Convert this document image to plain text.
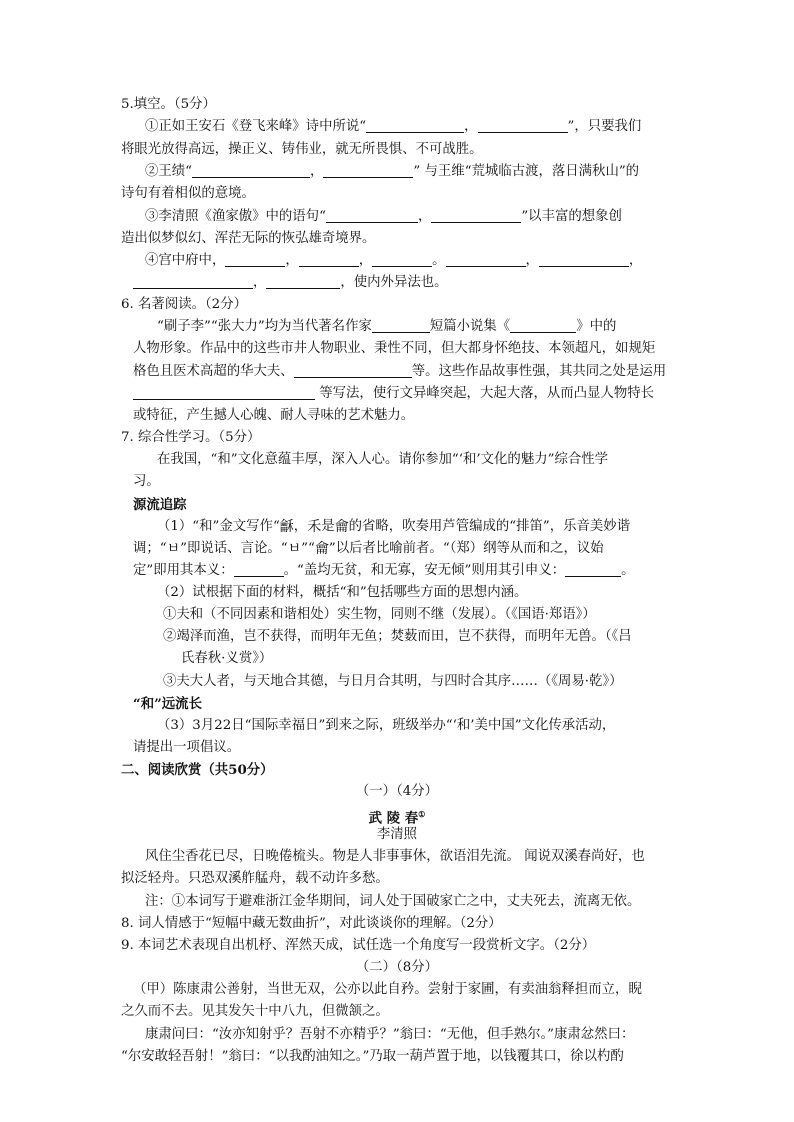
5.填空。（5分）
①正如王安石《登飞来峰》诗中所说“	，	”，只要我们
将眼光放得高远，操正义、铸伟业，就无所畏惧、不可战胜。
②王绩“	，	” 与王维“荒城临古渡，落日满秋山”的
诗句有着相似的意境。
③李清照《渔家傲》中的语句“	，	”以丰富的想象创
造出似梦似幻、浑茫无际的恢弘雄奇境界。
④宫中府中，	，	，	。	，	，
，	，使内外异法也。
6. 名著阅读。（2分）
“刷子李”“张大力”均为当代著名作家	短篇小说集《	》中的
人物形象。作品中的这些市井人物职业、秉性不同，但大都身怀绝技、本领超凡，如规矩
格色且医术高超的华大夫、	等。这些作品故事性强，其共同之处是运用
等写法，使行文异峰突起，大起大落，从而凸显人物特长
或特征，产生撼人心魄、耐人寻味的艺术魅力。
7. 综合性学习。（5分）
在我国，“和”文化意蕴丰厚，深入人心。请你参加“‘和’文化的魅力”综合性学
习。
源流追踪
（1）“和”金文写作“龢，禾是龠的省略，吹奏用芦管编成的“排笛”，乐音美妙谐
调；“ㅂ”即说话、言论。“ㅂ”“龠”以后者比喻前者。“（郑）纲等从而和之，议始
定”即用其本义：	。“盖均无贫，和无寡，安无倾”则用其引申义：	。
（2）试根据下面的材料，概括“和”包括哪些方面的思想内涵。
①夫和（不同因素和谐相处）实生物，同则不继（发展）。（《国语·郑语》）
②竭泽而渔，岂不获得，而明年无鱼；焚薮而田，岂不获得，而明年无兽。（《吕
氏春秋·义赏》）
③夫大人者，与天地合其德，与日月合其明，与四时合其序……（《周易·乾》）
“和”远流长
（3）3月22日“国际幸福日”到来之际，班级举办“‘和’美中国”文化传承活动，
请提出一项倡议。
二、阅读欣赏（共50分）
（一）（4分）
武 陵 春①
李清照
风住尘香花已尽，日晚倦梳头。物是人非事事休，欲语泪先流。 闻说双溪春尚好，也
拟泛轻舟。只恐双溪舴艋舟，载不动许多愁。
注：①本词写于避难浙江金华期间，词人处于国破家亡之中，丈夫死去，流离无依。
8. 词人情感于“短幅中藏无数曲折”，对此谈谈你的理解。（2分）
9. 本词艺术表现自出机杼、浑然天成，试任选一个角度写一段赏析文字。（2分）
（二）（8分）
（甲）陈康肃公善射，当世无双，公亦以此自矜。尝射于家圃，有卖油翁释担而立，睨
之久而不去。见其发矢十中八九，但微颔之。
康肃问曰：“汝亦知射乎？吾射不亦精乎？”翁曰：“无他，但手熟尔。”康肃忿然曰：
“尔安敢轻吾射！”翁曰：“以我酌油知之。”乃取一葫芦置于地，以钱覆其口，徐以杓酌
